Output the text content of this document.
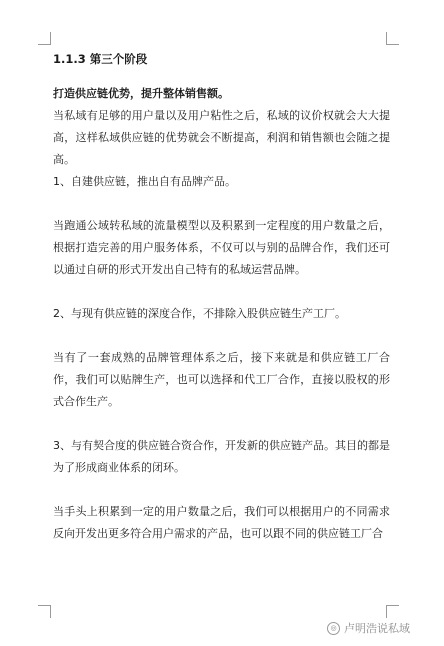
1.1.3 第三个阶段

打造供应链优势，提升整体销售额。

当私域有足够的用户量以及用户粘性之后，私域的议价权就会大大提高，这样私域供应链的优势就会不断提高，利润和销售额也会随之提高。

1、自建供应链，推出自有品牌产品。

当跑通公域转私域的流量模型以及积累到一定程度的用户数量之后，根据打造完善的用户服务体系，不仅可以与别的品牌合作，我们还可以通过自研的形式开发出自己特有的私域运营品牌。

2、与现有供应链的深度合作，不排除入股供应链生产工厂。

当有了一套成熟的品牌管理体系之后，接下来就是和供应链工厂合作，我们可以贴牌生产，也可以选择和代工厂合作，直接以股权的形式合作生产。

3、与有契合度的供应链合资合作，开发新的供应链产品。其目的都是为了形成商业体系的闭环。

当手头上积累到一定的用户数量之后，我们可以根据用户的不同需求反向开发出更多符合用户需求的产品，也可以跟不同的供应链工厂合

◎ 卢明浩说私域
